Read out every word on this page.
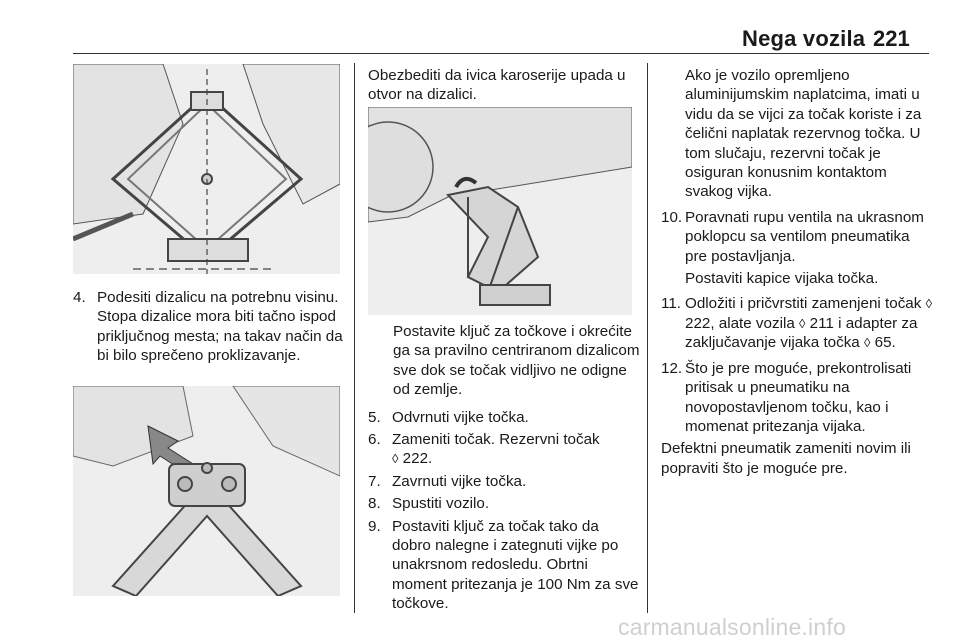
Nega vozila 221
4. Podesiti dizalicu na potrebnu visinu. Stopa dizalice mora biti tačno ispod priključnog mesta; na takav način da bi bilo sprečeno proklizavanje.

Obezbediti da ivica karoserije upada u otvor na dizalici.

Postavite ključ za točkove i okrećite ga sa pravilno centriranom dizalicom sve dok se točak vidljivo ne odigne od zemlje.

5. Odvrnuti vijke točka.
6. Zameniti točak. Rezervni točak
◊ 222.
7. Zavrnuti vijke točka.
8. Spustiti vozilo.
9. Postaviti ključ za točak tako da dobro nalegne i zategnuti vijke po unakrsnom redosledu. Obrtni moment pritezanja je 100 Nm za sve točkove.

Ako je vozilo opremljeno aluminijumskim naplatcima, imati u vidu da se vijci za točak koriste i za čelični naplatak rezervnog točka. U tom slučaju, rezervni točak je osiguran konusnim kontaktom svakog vijka.

10. Poravnati rupu ventila na ukrasnom poklopcu sa ventilom pneumatika pre postavljanja.

Postaviti kapice vijaka točka.

11. Odložiti i pričvrstiti zamenjeni točak ◊ 222, alate vozila ◊ 211 i adapter za zaključavanje vijaka točka ◊ 65.
12. Što je pre moguće, prekontrolisati pritisak u pneumatiku na novopostavljenom točku, kao i momenat pritezanja vijaka.

Defektni pneumatik zameniti novim ili popraviti što je moguće pre.

carmanualsonline.info
